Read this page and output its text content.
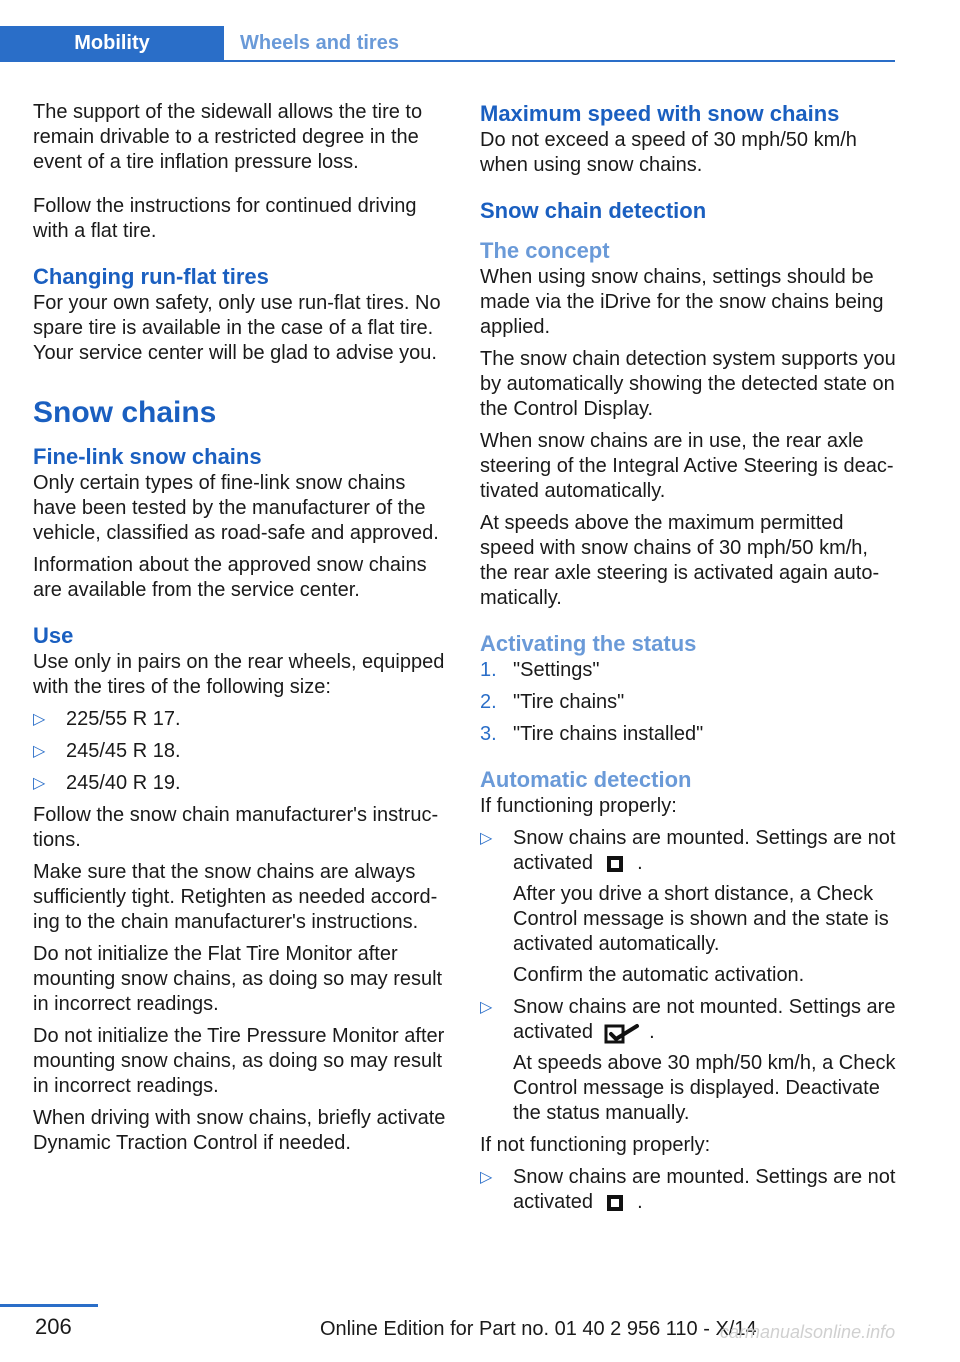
Mobility	Wheels and tires

The support of the sidewall allows the tire to remain drivable to a restricted degree in the event of a tire inflation pressure loss.

Follow the instructions for continued driving with a flat tire.

Changing run-flat tires

For your own safety, only use run-flat tires. No spare tire is available in the case of a flat tire. Your service center will be glad to advise you.

Snow chains
Fine-link snow chains

Only certain types of fine-link snow chains have been tested by the manufacturer of the vehicle, classified as road-safe and approved.

Information about the approved snow chains are available from the service center.

Use

Use only in pairs on the rear wheels, equipped with the tires of the following size:

▷ 225/55 R 17.
▷ 245/45 R 18.
▷ 245/40 R 19.

Follow the snow chain manufacturer's instruc-tions.

Make sure that the snow chains are always sufficiently tight. Retighten as needed accord-ing to the chain manufacturer's instructions.

Do not initialize the Flat Tire Monitor after mounting snow chains, as doing so may result in incorrect readings.

Do not initialize the Tire Pressure Monitor after mounting snow chains, as doing so may result in incorrect readings.

When driving with snow chains, briefly activate Dynamic Traction Control if needed.

Maximum speed with snow chains

Do not exceed a speed of 30 mph/50 km/h when using snow chains.

Snow chain detection
The concept

When using snow chains, settings should be made via the iDrive for the snow chains being applied.

The snow chain detection system supports you by automatically showing the detected state on the Control Display.

When snow chains are in use, the rear axle steering of the Integral Active Steering is deac-tivated automatically.

At speeds above the maximum permitted speed with snow chains of 30 mph/50 km/h, the rear axle steering is activated again auto-matically.

Activating the status
1. "Settings"
2. "Tire chains"
3. "Tire chains installed"
Automatic detection

If functioning properly:

▷ Snow chains are mounted. Settings are not activated .
After you drive a short distance, a Check Control message is shown and the state is activated automatically.
Confirm the automatic activation.
▷ Snow chains are not mounted. Settings are activated	.
At speeds above 30 mph/50 km/h, a Check Control message is displayed. Deactivate the status manually.

If not functioning properly:

▷ Snow chains are mounted. Settings are not activated .
206	Online Edition for Part no. 01 40 2 956 110 - X/14
carmanualsonline.info
